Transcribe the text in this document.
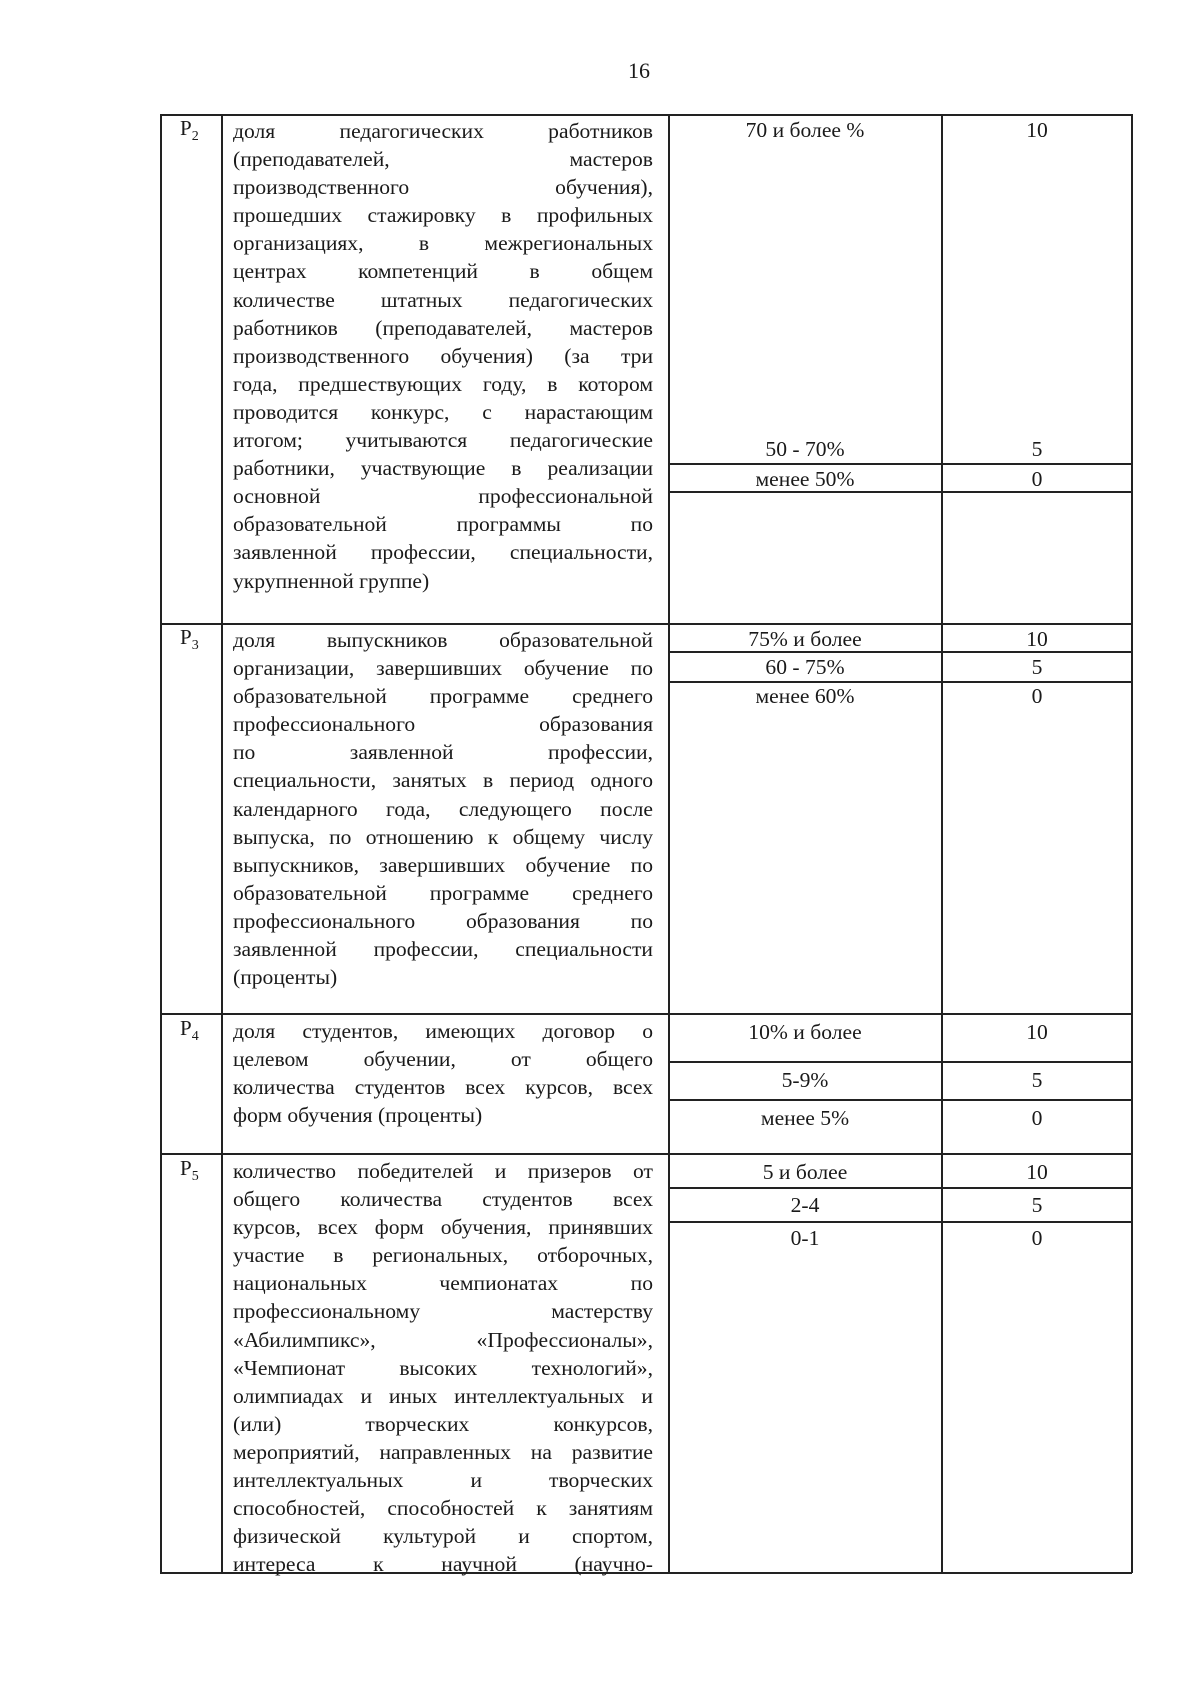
16
$Р_2$ доля педагогических работников
(преподавателей, мастеров
производственного обучения),
прошедших стажировку в профильных
организациях, в межрегиональных
центрах компетенций в общем
количестве штатных педагогических
работников (преподавателей, мастеров
производственного обучения) (за три
года, предшествующих году, в котором
проводится конкурс, с нарастающим
итогом; учитываются педагогические
работники, участвующие в реализации
основной профессиональной
образовательной программы по
заявленной профессии, специальности,
укрупненной группе)
70 и более %	10
50 - 70%	5
менее 50%	0
$Р_3$ доля выпускников образовательной
организации, завершивших обучение по
образовательной программе среднего
профессионального образования
по заявленной профессии,
специальности, занятых в период одного
календарного года, следующего после
выпуска, по отношению к общему числу
выпускников, завершивших обучение по
образовательной программе среднего
профессионального образования по
заявленной профессии, специальности
(проценты)
75% и более	10
60 - 75%	5
менее 60%	0
$Р_4$ доля студентов, имеющих договор о
целевом обучении, от общего
количества студентов всех курсов, всех
форм обучения (проценты)
10% и более	10
5-9%	5
менее 5%	0
$Р_5$ количество победителей и призеров от
общего количества студентов всех
курсов, всех форм обучения, принявших
участие в региональных, отборочных,
национальных чемпионатах по
профессиональному мастерству
«Абилимпикс», «Профессионалы»,
«Чемпионат высоких технологий»,
олимпиадах и иных интеллектуальных и
(или) творческих конкурсов,
мероприятий, направленных на развитие
интеллектуальных и творческих
способностей, способностей к занятиям
физической культурой и спортом,
интереса к научной (научно-
5 и более	10
2-4	5
0-1	0
